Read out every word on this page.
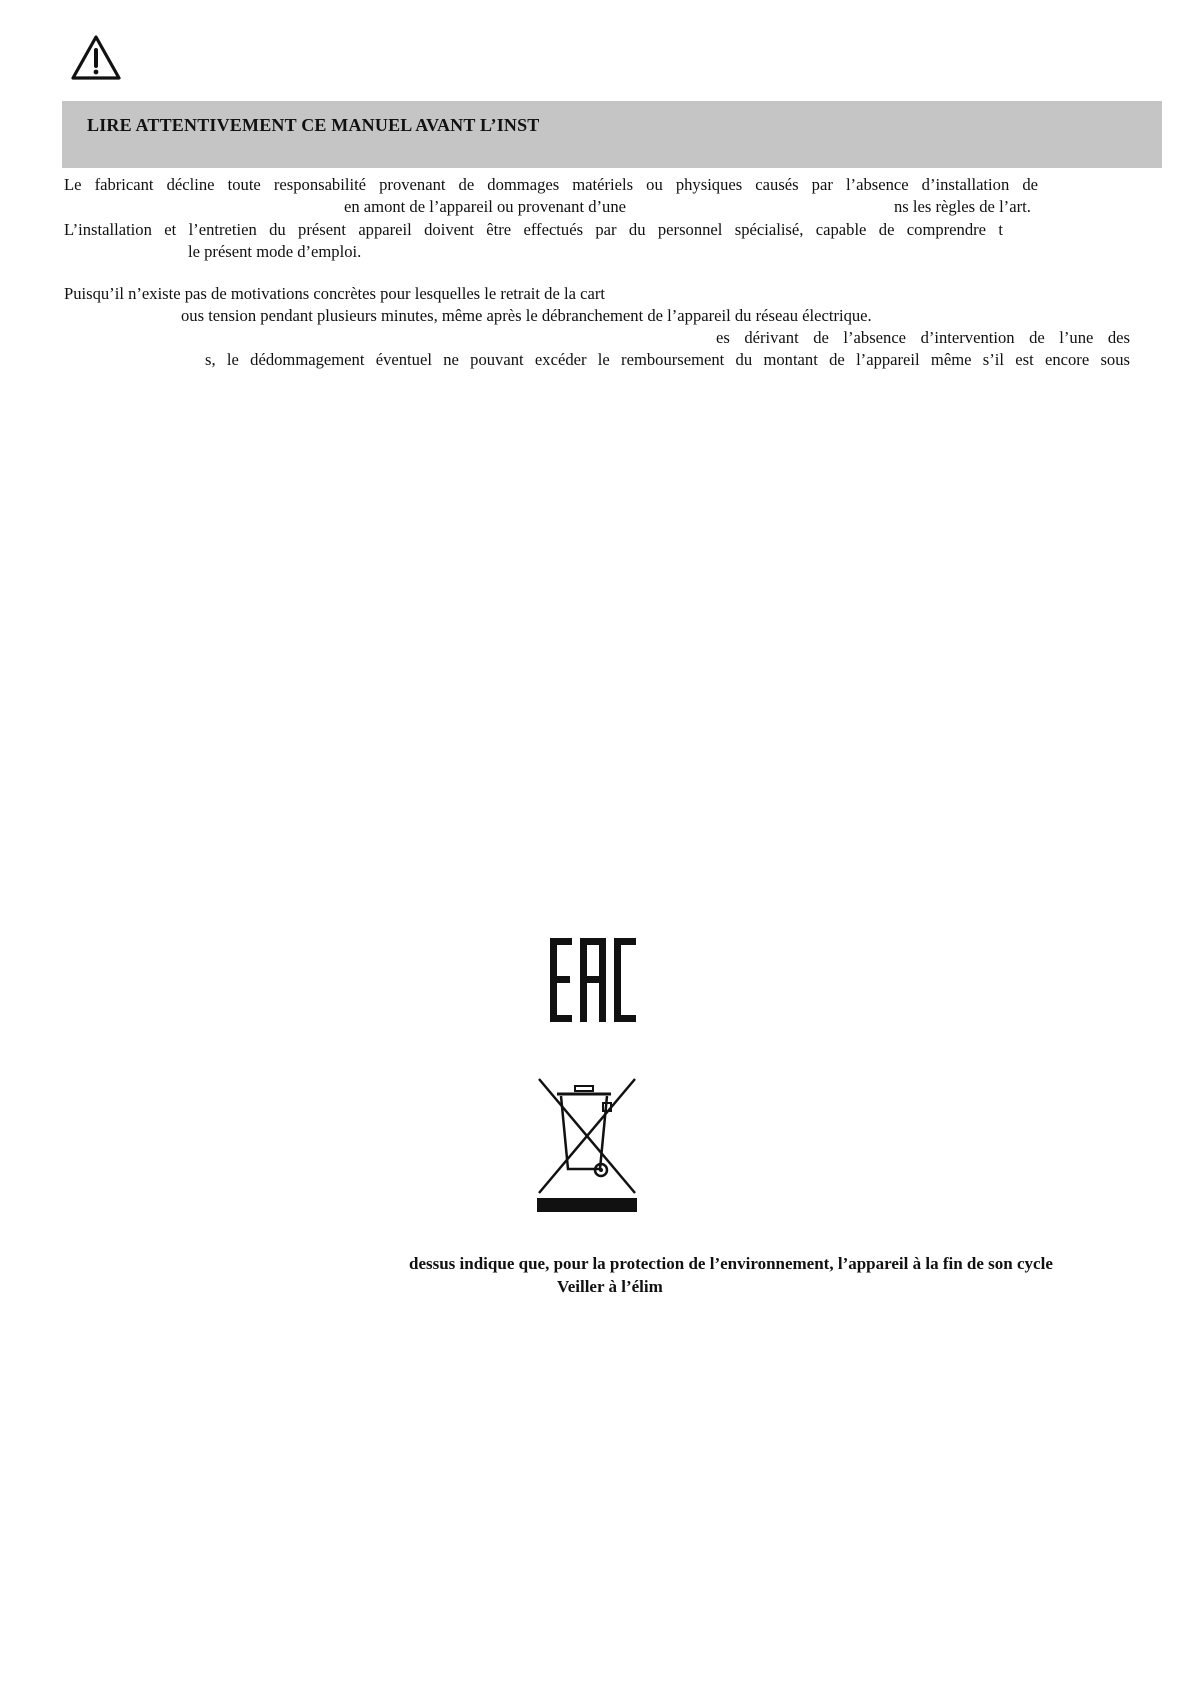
LIRE ATTENTIVEMENT CE MANUEL AVANT L’INST
Le fabricant décline toute responsabilité provenant de dommages matériels ou physiques causés par l’absence d’installation de
en amont de l’appareil ou provenant d’une	ns les règles de l’art.
L’installation et l’entretien du présent appareil doivent être effectués par du personnel spécialisé, capable de comprendre t
le présent mode d’emploi.
Puisqu’il n’existe pas de motivations concrètes pour lesquelles le retrait de la cart
ous tension pendant plusieurs minutes, même après le débranchement de l’appareil du réseau électrique.
es dérivant de l’absence d’intervention de l’une des
s, le dédommagement éventuel ne pouvant excéder le remboursement du montant de l’appareil même s’il est encore sous
dessus indique que, pour la protection de l’environnement, l’appareil à la fin de son cycle
Veiller à l’élim
